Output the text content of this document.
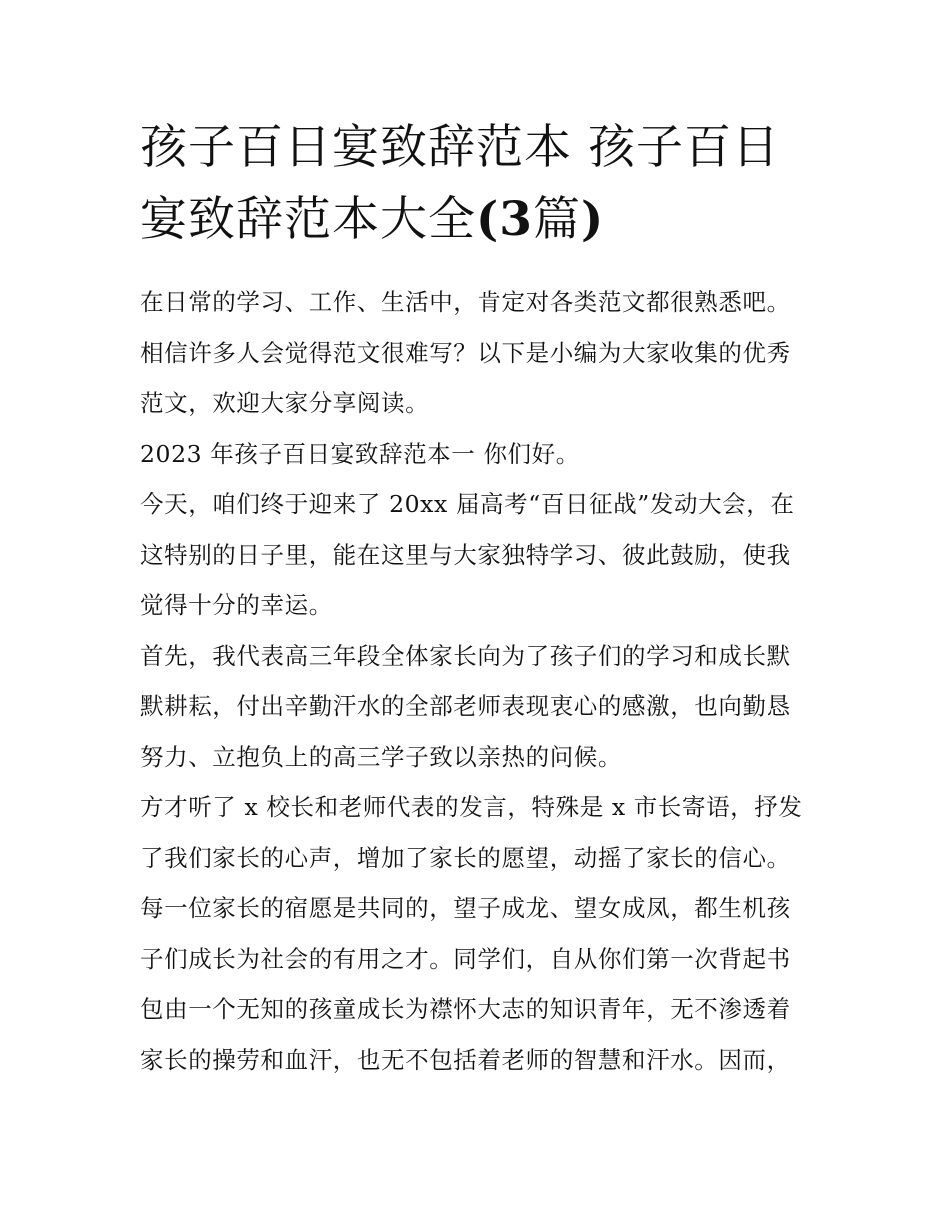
孩子百日宴致辞范本 孩子百日
宴致辞范本大全(3篇)
在日常的学习、工作、生活中，肯定对各类范文都很熟悉吧。
相信许多人会觉得范文很难写？以下是小编为大家收集的优秀
范文，欢迎大家分享阅读。
2023 年孩子百日宴致辞范本一 你们好。
今天，咱们终于迎来了 20xx 届高考“百日征战”发动大会，在
这特别的日子里，能在这里与大家独特学习、彼此鼓励，使我
觉得十分的幸运。
首先，我代表高三年段全体家长向为了孩子们的学习和成长默
默耕耘，付出辛勤汗水的全部老师表现衷心的感激，也向勤恳
努力、立抱负上的高三学子致以亲热的问候。
方才听了 x 校长和老师代表的发言，特殊是 x 市长寄语，抒发
了我们家长的心声，增加了家长的愿望，动摇了家长的信心。
每一位家长的宿愿是共同的，望子成龙、望女成凤，都生机孩
子们成长为社会的有用之才。同学们，自从你们第一次背起书
包由一个无知的孩童成长为襟怀大志的知识青年，无不渗透着
家长的操劳和血汗，也无不包括着老师的智慧和汗水。因而，
